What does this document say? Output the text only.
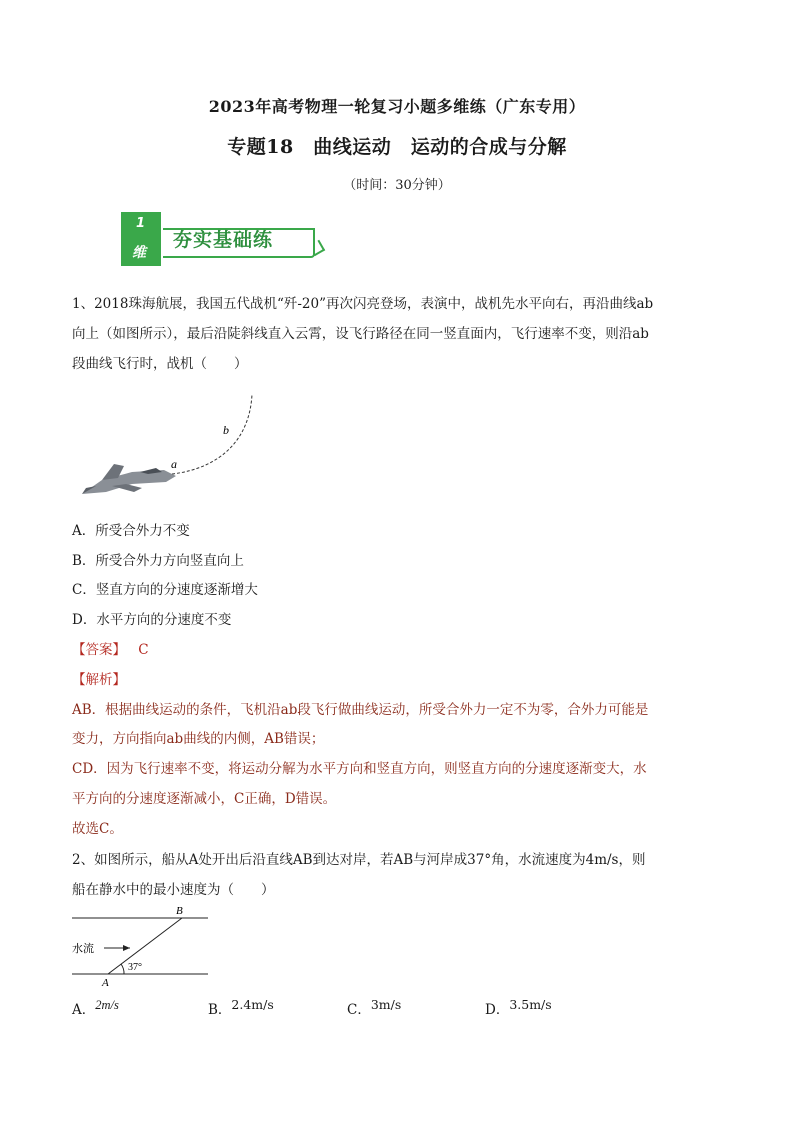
2023年高考物理一轮复习小题多维练（广东专用）
专题18　曲线运动　运动的合成与分解
（时间：30分钟）
1
维
夯实基础练
1、2018珠海航展，我国五代战机“歼-20”再次闪亮登场，表演中，战机先水平向右，再沿曲线ab
向上（如图所示），最后沿陡斜线直入云霄，设飞行路径在同一竖直面内，飞行速率不变，则沿ab
段曲线飞行时，战机（　　）
a
b
A．所受合外力不变
B．所受合外力方向竖直向上
C．竖直方向的分速度逐渐增大
D．水平方向的分速度不变
【答案】 C
【解析】
AB．根据曲线运动的条件，飞机沿ab段飞行做曲线运动，所受合外力一定不为零，合外力可能是
变力，方向指向ab曲线的内侧，AB错误；
CD．因为飞行速率不变，将运动分解为水平方向和竖直方向，则竖直方向的分速度逐渐变大，水
平方向的分速度逐渐减小，C正确，D错误。
故选C。
2、如图所示，船从A处开出后沿直线AB到达对岸，若AB与河岸成37°角，水流速度为4m/s，则
船在静水中的最小速度为（　　）
B
A
水流
37°
A．2m/s	B．2.4m/s	C．3m/s	D．3.5m/s
